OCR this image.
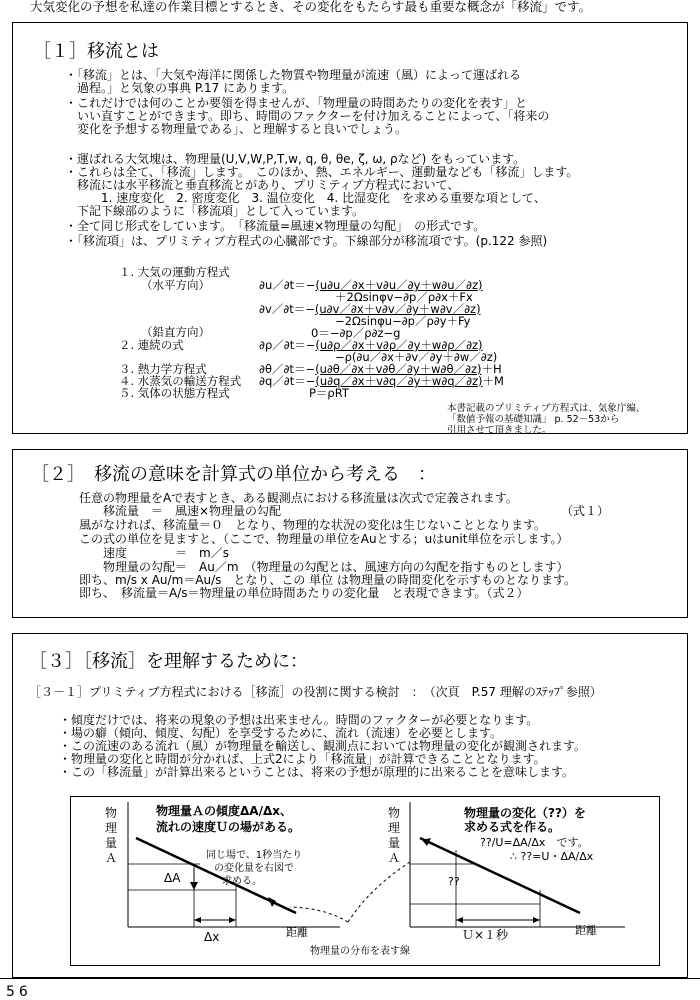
大気変化の予想を私達の作業目標とするとき、その変化をもたらす最も重要な概念が「移流」です。
［１］移流とは
・「移流」とは、「大気や海洋に関係した物質や物理量が流速（風）によって運ばれる
　過程。」と気象の事典 P.17 にあります。
・これだけでは何のことか要領を得ませんが、「物理量の時間あたりの変化を表す」と
　いい直すことができます。即ち、時間のファクターを付け加えることによって、「将来の
　変化を予想する物理量である」、と理解すると良いでしょう。
・運ばれる大気塊は、物理量(U,V,W,P,T,w, q, θ, θe, ζ, ω, ρなど) をもっています。
・これらは全て、「移流」します。　このほか、熱、エネルギー、運動量なども「移流」します。
　移流には水平移流と垂直移流とがあり、プリミティブ方程式において、
　　　1. 速度変化　2. 密度変化　3. 温位変化　4. 比湿変化　を求める重要な項として、
　下記下線部のように「移流項」として入っています。
・全て同じ形式をしています。　「移流量=風速×物理量の勾配」　の形式です。
・「移流項」は、プリミティブ方程式の心臓部です。下線部分が移流項です。(p.122 参照)
１. 大気の運動方程式
（水平方向）
（鉛直方向）
２. 連続の式
３. 熱力学方程式
４. 水蒸気の輸送方程式
５. 気体の状態方程式
∂u／∂t＝−(u∂u／∂x＋v∂u／∂y＋w∂u／∂z)
＋2Ωsinφv−∂p／ρ∂x＋Fx
∂v／∂t＝−(u∂v／∂x＋v∂v／∂y＋w∂v／∂z)
−2Ωsinφu−∂p／ρ∂y＋Fy
0＝−∂p／ρ∂z−g
∂ρ／∂t＝−(u∂ρ／∂x＋v∂ρ／∂y＋w∂ρ／∂z)
−ρ(∂u／∂x＋∂v／∂y＋∂w／∂z)
∂θ／∂t＝−(u∂θ／∂x＋v∂θ／∂y＋w∂θ／∂z)＋H
∂q／∂t＝−(u∂q／∂x＋v∂q／∂y＋w∂q／∂z)＋M
P＝ρRT
本書記載のプリミティブ方程式は、気象庁編、
「数値予報の基礎知識」 p. 52－53から
引用させて頂きました。
［２］　移流の意味を計算式の単位から考える　：
任意の物理量をAで表すとき、ある観測点における移流量は次式で定義されます。
　　移流量　＝　風速×物理量の勾配	（式１）
風がなければ、移流量＝０　となり、物理的な状況の変化は生じないこととなります。
この式の単位を見ますと、（ここで、物理量の単位をAuとする；uはunit単位を示します。）
　　速度　　　　＝　m／s
　　物理量の勾配＝　Au／m　（物理量の勾配とは、風速方向の勾配を指すものとします）
即ち、m/s x Au/m＝Au/s　となり、この 単位 は物理量の時間変化を示すものとなります。
即ち、　移流量＝A/s＝物理量の単位時間あたりの変化量　と表現できます。（式２）
［３］［移流］を理解するために：
［３－１］プリミティブ方程式における［移流］の役割に関する検討　：　（次頁　P.57 理解のｽﾃｯﾌﾟ参照）
・傾度だけでは、将来の現象の予想は出来ません。時間のファクターが必要となります。
・場の癖（傾向、傾度、勾配）を享受するために、流れ（流速）を必要とします。
・この流速のある流れ（風）が物理量を輸送し、観測点においては物理量の変化が観測されます。
・物理量の変化と時間が分かれば、上式2により「移流量」が計算できることとなります。
・この「移流量」が計算出来るということは、将来の予想が原理的に出来ることを意味します。
物
理
量
Ａ
ΔA
Δx
物理量Ａの傾度ΔA/Δx、
流れの速度Ｕの場がある。
同じ場で、1秒当たり
の変化量を右図で
求める。
距離
物
理
量
Ａ
??
Ｕ×１秒
物理量の変化（??）を
求める式を作る。
??/U=ΔA/Δx　です。
∴ ??=U・ΔA/Δx
距離
物理量の分布を表す線
56
